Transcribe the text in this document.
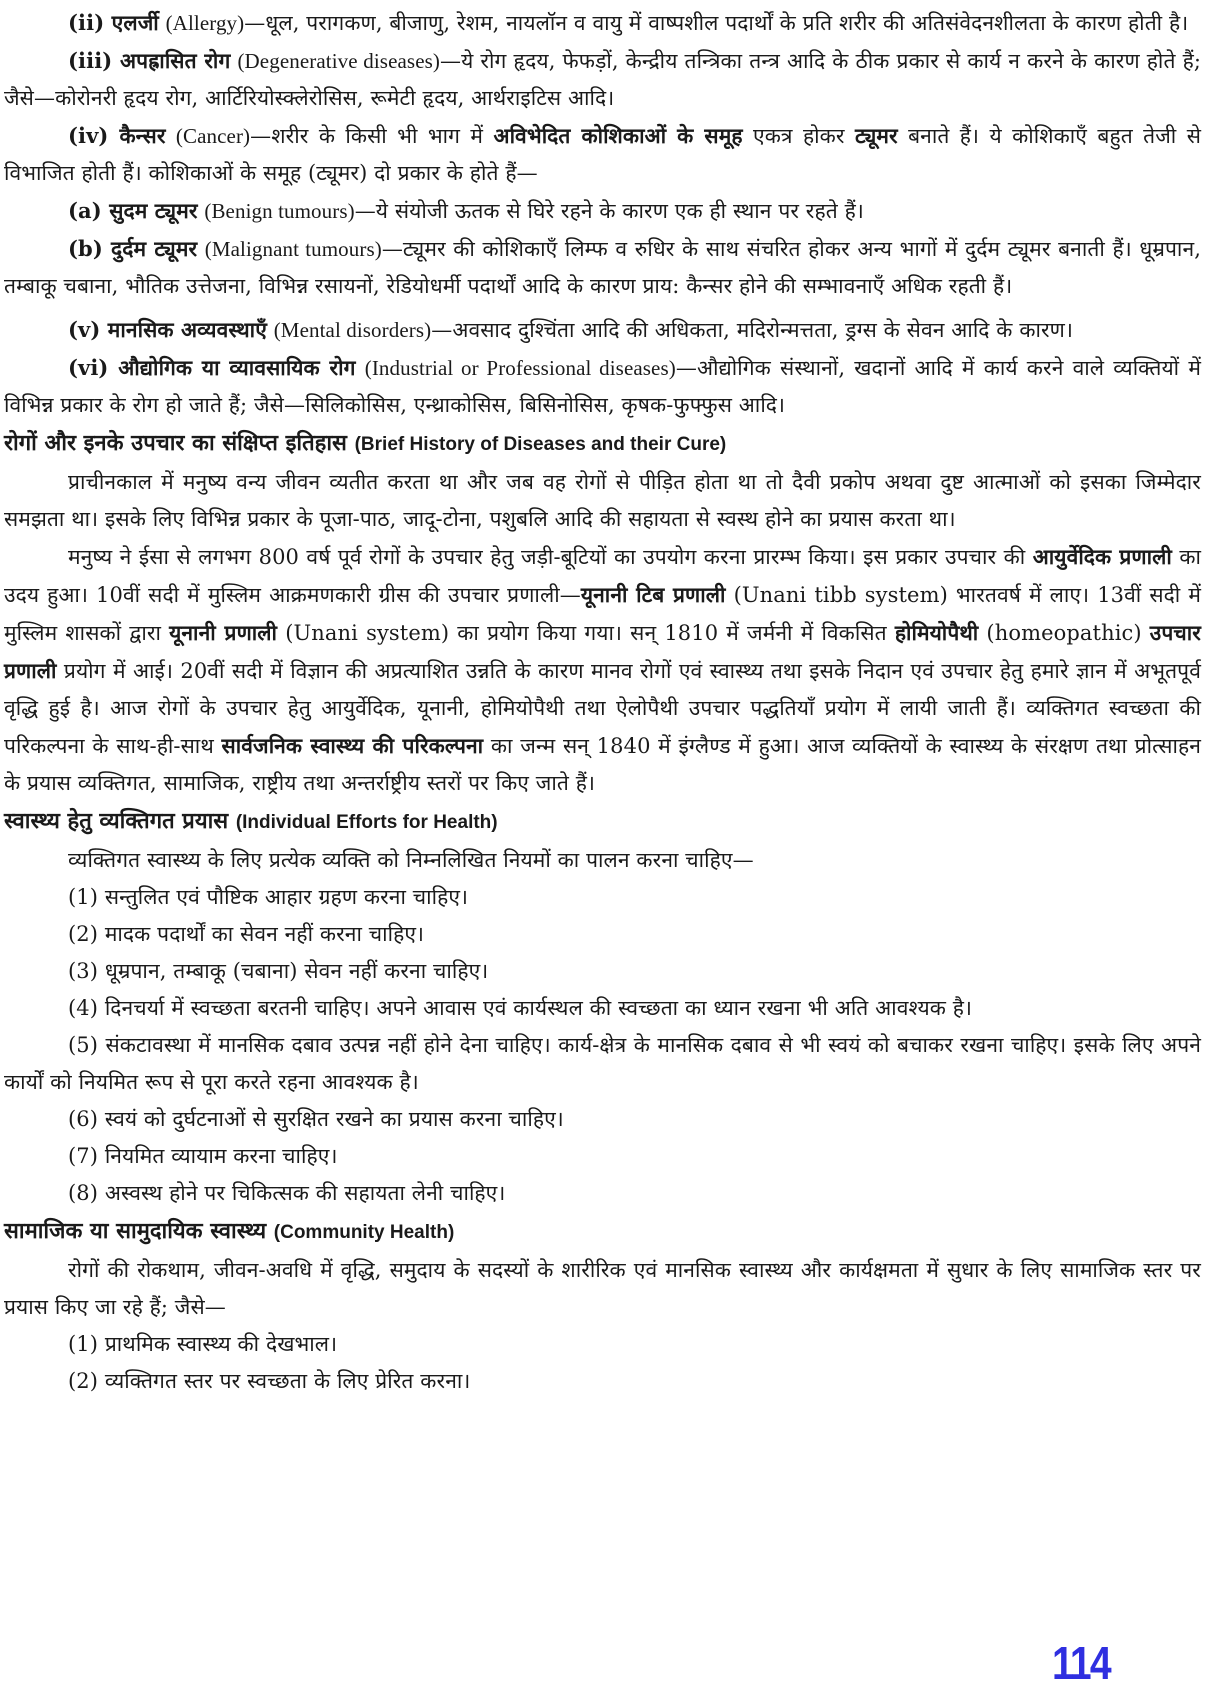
(ii) एलर्जी (Allergy)—धूल, परागकण, बीजाणु, रेशम, नायलॉन व वायु में वाष्पशील पदार्थों के प्रति शरीर की अतिसंवेदनशीलता के कारण होती है।

(iii) अपह्रासित रोग (Degenerative diseases)—ये रोग हृदय, फेफड़ों, केन्द्रीय तन्त्रिका तन्त्र आदि के ठीक प्रकार से कार्य न करने के कारण होते हैं; जैसे—कोरोनरी हृदय रोग, आर्टिरियोस्क्लेरोसिस, रूमेटी हृदय, आर्थराइटिस आदि।

(iv) कैन्सर (Cancer)—शरीर के किसी भी भाग में अविभेदित कोशिकाओं के समूह एकत्र होकर ट्यूमर बनाते हैं। ये कोशिकाएँ बहुत तेजी से विभाजित होती हैं। कोशिकाओं के समूह (ट्यूमर) दो प्रकार के होते हैं—

(a) सुदम ट्यूमर (Benign tumours)—ये संयोजी ऊतक से घिरे रहने के कारण एक ही स्थान पर रहते हैं।

(b) दुर्दम ट्यूमर (Malignant tumours)—ट्यूमर की कोशिकाएँ लिम्फ व रुधिर के साथ संचरित होकर अन्य भागों में दुर्दम ट्यूमर बनाती हैं। धूम्रपान, तम्बाकू चबाना, भौतिक उत्तेजना, विभिन्न रसायनों, रेडियोधर्मी पदार्थों आदि के कारण प्राय: कैन्सर होने की सम्भावनाएँ अधिक रहती हैं।

(v) मानसिक अव्यवस्थाएँ (Mental disorders)—अवसाद दुश्चिंता आदि की अधिकता, मदिरोन्मत्तता, ड्रग्स के सेवन आदि के कारण।

(vi) औद्योगिक या व्यावसायिक रोग (Industrial or Professional diseases)—औद्योगिक संस्थानों, खदानों आदि में कार्य करने वाले व्यक्तियों में विभिन्न प्रकार के रोग हो जाते हैं; जैसे—सिलिकोसिस, एन्थ्राकोसिस, बिसिनोसिस, कृषक-फुफ्फुस आदि।

रोगों और इनके उपचार का संक्षिप्त इतिहास (Brief History of Diseases and their Cure)

प्राचीनकाल में मनुष्य वन्य जीवन व्यतीत करता था और जब वह रोगों से पीड़ित होता था तो दैवी प्रकोप अथवा दुष्ट आत्माओं को इसका जिम्मेदार समझता था। इसके लिए विभिन्न प्रकार के पूजा-पाठ, जादू-टोना, पशुबलि आदि की सहायता से स्वस्थ होने का प्रयास करता था।

मनुष्य ने ईसा से लगभग 800 वर्ष पूर्व रोगों के उपचार हेतु जड़ी-बूटियों का उपयोग करना प्रारम्भ किया। इस प्रकार उपचार की आयुर्वेदिक प्रणाली का उदय हुआ। 10वीं सदी में मुस्लिम आक्रमणकारी ग्रीस की उपचार प्रणाली—यूनानी टिब प्रणाली (Unani tibb system) भारतवर्ष में लाए। 13वीं सदी में मुस्लिम शासकों द्वारा यूनानी प्रणाली (Unani system) का प्रयोग किया गया। सन् 1810 में जर्मनी में विकसित होमियोपैथी (homeopathic) उपचार प्रणाली प्रयोग में आई। 20वीं सदी में विज्ञान की अप्रत्याशित उन्नति के कारण मानव रोगों एवं स्वास्थ्य तथा इसके निदान एवं उपचार हेतु हमारे ज्ञान में अभूतपूर्व वृद्धि हुई है। आज रोगों के उपचार हेतु आयुर्वेदिक, यूनानी, होमियोपैथी तथा ऐलोपैथी उपचार पद्धतियाँ प्रयोग में लायी जाती हैं। व्यक्तिगत स्वच्छता की परिकल्पना के साथ-ही-साथ सार्वजनिक स्वास्थ्य की परिकल्पना का जन्म सन् 1840 में इंग्लैण्ड में हुआ। आज व्यक्तियों के स्वास्थ्य के संरक्षण तथा प्रोत्साहन के प्रयास व्यक्तिगत, सामाजिक, राष्ट्रीय तथा अन्तर्राष्ट्रीय स्तरों पर किए जाते हैं।

स्वास्थ्य हेतु व्यक्तिगत प्रयास (Individual Efforts for Health)

व्यक्तिगत स्वास्थ्य के लिए प्रत्येक व्यक्ति को निम्नलिखित नियमों का पालन करना चाहिए—

(1) सन्तुलित एवं पौष्टिक आहार ग्रहण करना चाहिए।

(2) मादक पदार्थों का सेवन नहीं करना चाहिए।

(3) धूम्रपान, तम्बाकू (चबाना) सेवन नहीं करना चाहिए।

(4) दिनचर्या में स्वच्छता बरतनी चाहिए। अपने आवास एवं कार्यस्थल की स्वच्छता का ध्यान रखना भी अति आवश्यक है।

(5) संकटावस्था में मानसिक दबाव उत्पन्न नहीं होने देना चाहिए। कार्य-क्षेत्र के मानसिक दबाव से भी स्वयं को बचाकर रखना चाहिए। इसके लिए अपने कार्यों को नियमित रूप से पूरा करते रहना आवश्यक है।

(6) स्वयं को दुर्घटनाओं से सुरक्षित रखने का प्रयास करना चाहिए।

(7) नियमित व्यायाम करना चाहिए।

(8) अस्वस्थ होने पर चिकित्सक की सहायता लेनी चाहिए।

सामाजिक या सामुदायिक स्वास्थ्य (Community Health)

रोगों की रोकथाम, जीवन-अवधि में वृद्धि, समुदाय के सदस्यों के शारीरिक एवं मानसिक स्वास्थ्य और कार्यक्षमता में सुधार के लिए सामाजिक स्तर पर प्रयास किए जा रहे हैं; जैसे—

(1) प्राथमिक स्वास्थ्य की देखभाल।

(2) व्यक्तिगत स्तर पर स्वच्छता के लिए प्रेरित करना।

114
